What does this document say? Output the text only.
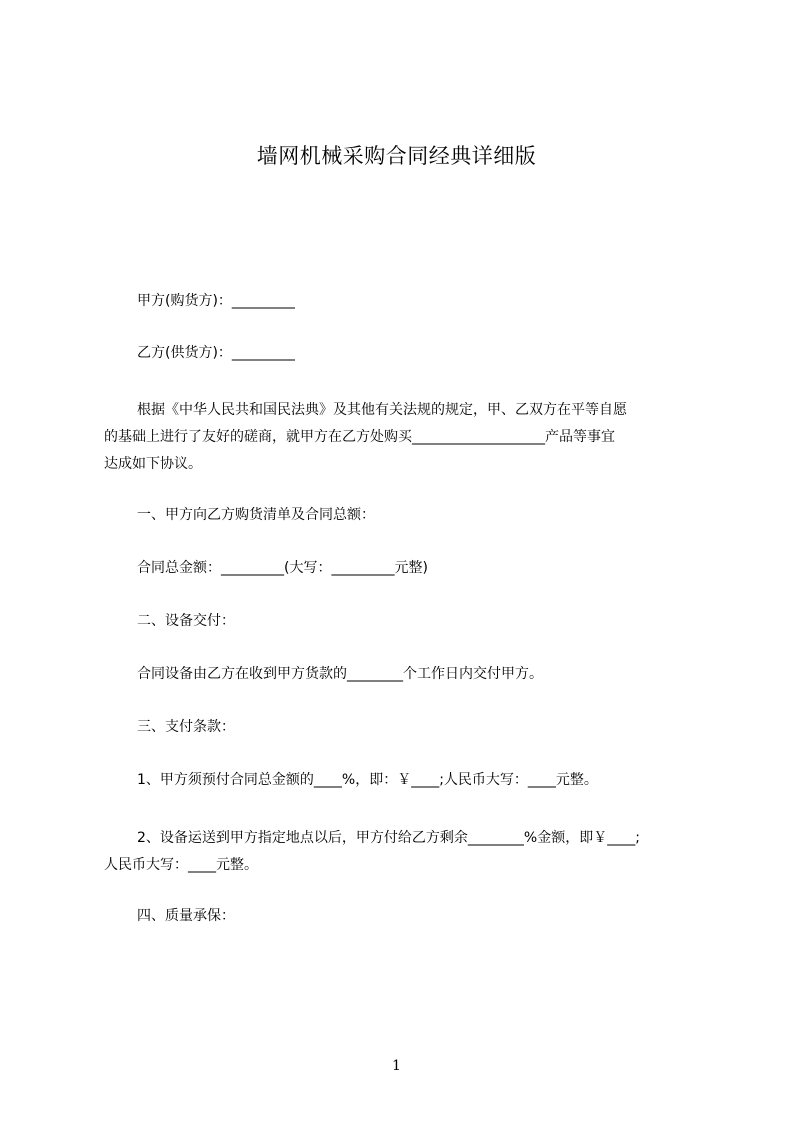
墙网机械采购合同经典详细版
甲方(购货方)：_________
乙方(供货方)：_________
根据《中华人民共和国民法典》及其他有关法规的规定，甲、乙双方在平等自愿
的基础上进行了友好的磋商，就甲方在乙方处购买___________________产品等事宜
达成如下协议。
一、甲方向乙方购货清单及合同总额：
合同总金额：_________(大写：_________元整)
二、设备交付：
合同设备由乙方在收到甲方货款的________个工作日内交付甲方。
三、支付条款：
1、甲方须预付合同总金额的____%，即：￥____;人民币大写：____元整。
2、设备运送到甲方指定地点以后，甲方付给乙方剩余________%金额，即￥____;
人民币大写：____元整。
四、质量承保：
1
